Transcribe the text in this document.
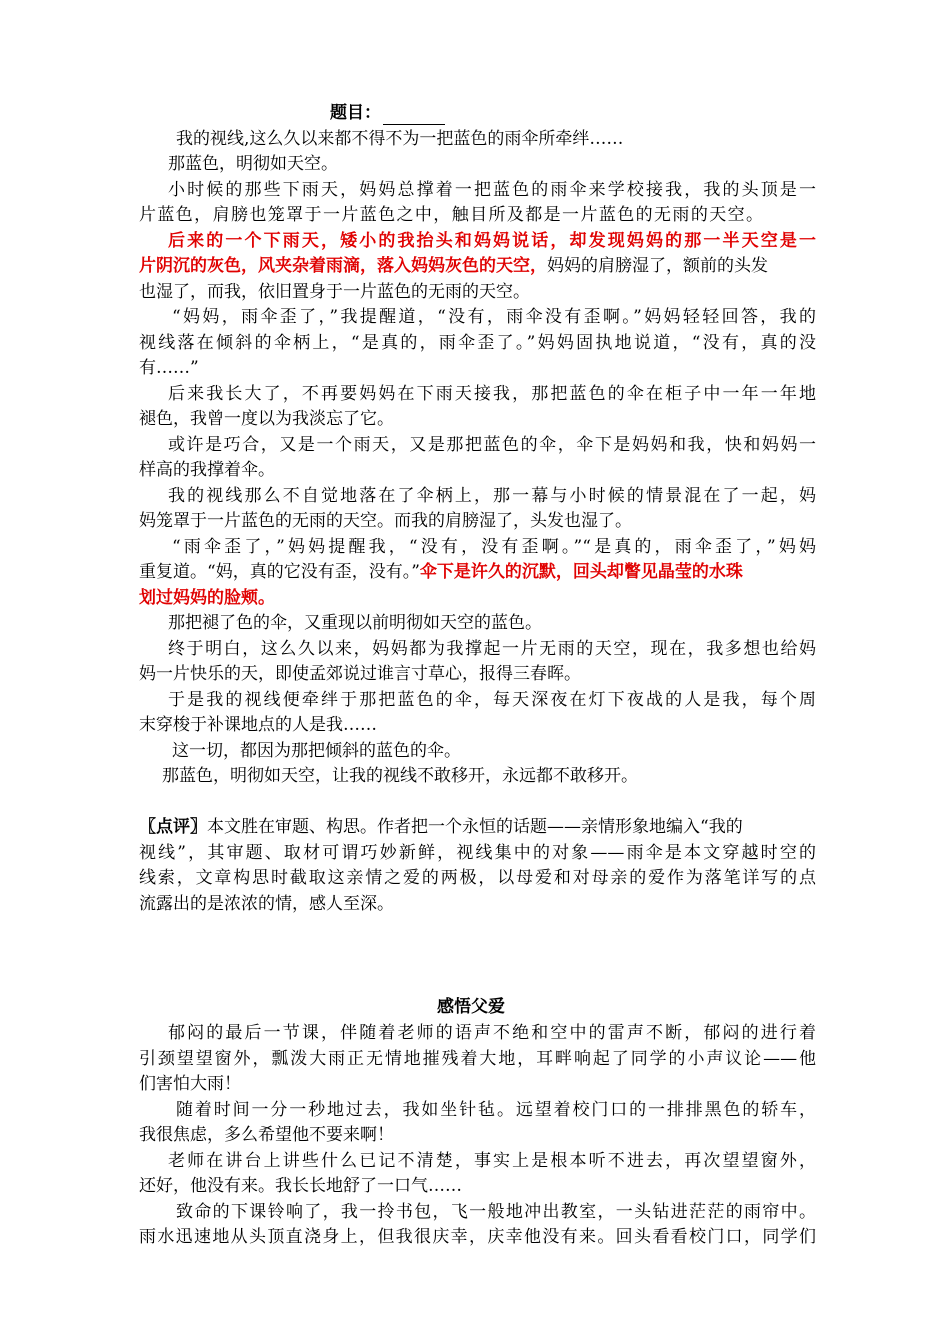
题目：
我的视线,这么久以来都不得不为一把蓝色的雨伞所牵绊……
那蓝色，明彻如天空。
小时候的那些下雨天，妈妈总撑着一把蓝色的雨伞来学校接我，我的头顶是一
片蓝色，肩膀也笼罩于一片蓝色之中，触目所及都是一片蓝色的无雨的天空。
后来的一个下雨天，矮小的我抬头和妈妈说话，却发现妈妈的那一半天空是一
片阴沉的灰色，风夹杂着雨滴，落入妈妈灰色的天空，妈妈的肩膀湿了，额前的头发
也湿了，而我，依旧置身于一片蓝色的无雨的天空。
“妈妈，雨伞歪了，”我提醒道，“没有，雨伞没有歪啊。”妈妈轻轻回答，我的
视线落在倾斜的伞柄上，“是真的，雨伞歪了。”妈妈固执地说道，“没有，真的没
有……”
后来我长大了，不再要妈妈在下雨天接我，那把蓝色的伞在柜子中一年一年地
褪色，我曾一度以为我淡忘了它。
或许是巧合，又是一个雨天，又是那把蓝色的伞，伞下是妈妈和我，快和妈妈一
样高的我撑着伞。
我的视线那么不自觉地落在了伞柄上，那一幕与小时候的情景混在了一起，妈
妈笼罩于一片蓝色的无雨的天空。而我的肩膀湿了，头发也湿了。
“雨伞歪了，”妈妈提醒我，“没有，没有歪啊。”“是真的，雨伞歪了，”妈妈
重复道。“妈，真的它没有歪，没有。”伞下是许久的沉默，回头却瞥见晶莹的水珠
划过妈妈的脸颊。
那把褪了色的伞，又重现以前明彻如天空的蓝色。
终于明白，这么久以来，妈妈都为我撑起一片无雨的天空，现在，我多想也给妈
妈一片快乐的天，即使孟郊说过谁言寸草心，报得三春晖。
于是我的视线便牵绊于那把蓝色的伞，每天深夜在灯下夜战的人是我，每个周
末穿梭于补课地点的人是我……
这一切，都因为那把倾斜的蓝色的伞。
那蓝色，明彻如天空，让我的视线不敢移开，永远都不敢移开。
〖点评〗本文胜在审题、构思。作者把一个永恒的话题——亲情形象地编入“我的
视线”，其审题、取材可谓巧妙新鲜，视线集中的对象——雨伞是本文穿越时空的
线索，文章构思时截取这亲情之爱的两极，以母爱和对母亲的爱作为落笔详写的点
流露出的是浓浓的情，感人至深。
感悟父爱
郁闷的最后一节课，伴随着老师的语声不绝和空中的雷声不断，郁闷的进行着
引颈望望窗外，瓢泼大雨正无情地摧残着大地，耳畔响起了同学的小声议论——他
们害怕大雨！
随着时间一分一秒地过去，我如坐针毡。远望着校门口的一排排黑色的轿车，
我很焦虑，多么希望他不要来啊！
老师在讲台上讲些什么已记不清楚，事实上是根本听不进去，再次望望窗外，
还好，他没有来。我长长地舒了一口气……
致命的下课铃响了，我一拎书包，飞一般地冲出教室，一头钻进茫茫的雨帘中。
雨水迅速地从头顶直浇身上，但我很庆幸，庆幸他没有来。回头看看校门口，同学们
